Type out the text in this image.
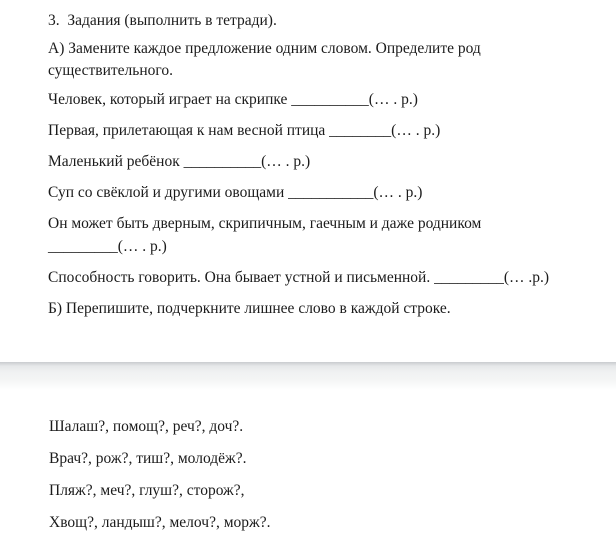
3.  Задания (выполнить в тетради).
А) Замените каждое предложение одним словом. Определите род
существительного.
Человек, который играет на скрипке __________(… . р.)
Первая, прилетающая к нам весной птица ________(… . р.)
Маленький ребёнок __________(… . р.)
Суп со свёклой и другими овощами ___________(… . р.)
Он может быть дверным, скрипичным, гаечным и даже родником
_________(… . р.)
Способность говорить. Она бывает устной и письменной. _________(… .р.)
Б) Перепишите, подчеркните лишнее слово в каждой строке.
Шалаш?, помощ?, реч?, доч?.
Врач?, рож?, тиш?, молодёж?.
Пляж?, меч?, глуш?, сторож?,
Хвощ?, ландыш?, мелоч?, морж?.
